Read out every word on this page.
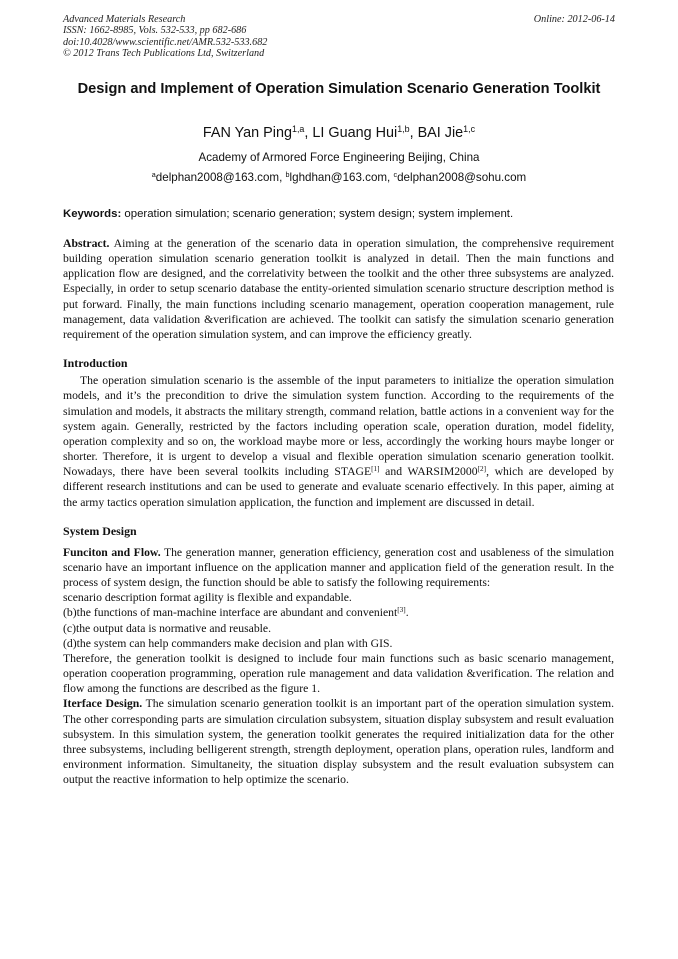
Advanced Materials Research
ISSN: 1662-8985, Vols. 532-533, pp 682-686
doi:10.4028/www.scientific.net/AMR.532-533.682
© 2012 Trans Tech Publications Ltd, Switzerland
Online: 2012-06-14
Design and Implement of Operation Simulation Scenario Generation Toolkit
FAN Yan Ping$^{1,a}$, LI Guang Hui$^{1,b}$, BAI Jie$^{1,c}$
Academy of Armored Force Engineering Beijing, China
$^a$delphan2008@163.com, $^b$lghdhan@163.com, $^c$delphan2008@sohu.com
Keywords: operation simulation; scenario generation; system design; system implement.

Abstract. Aiming at the generation of the scenario data in operation simulation, the comprehensive requirement building operation simulation scenario generation toolkit is analyzed in detail. Then the main functions and application flow are designed, and the correlativity between the toolkit and the other three subsystems are analyzed. Especially, in order to setup scenario database the entity-oriented simulation scenario structure description method is put forward. Finally, the main functions including scenario management, operation cooperation management, rule management, data validation &verification are achieved. The toolkit can satisfy the simulation scenario generation requirement of the operation simulation system, and can improve the efficiency greatly.

Introduction

The operation simulation scenario is the assemble of the input parameters to initialize the operation simulation models, and it’s the precondition to drive the simulation system function. According to the requirements of the simulation and models, it abstracts the military strength, command relation, battle actions in a convenient way for the system again. Generally, restricted by the factors including operation scale, operation duration, model fidelity, operation complexity and so on, the workload maybe more or less, accordingly the working hours maybe longer or shorter. Therefore, it is urgent to develop a visual and flexible operation simulation scenario generation toolkit. Nowadays, there have been several toolkits including STAGE[1] and WARSIM2000[2], which are developed by different research institutions and can be used to generate and evaluate scenario effectively. In this paper, aiming at the army tactics operation simulation application, the function and implement are discussed in detail.

System Design

Funciton and Flow. The generation manner, generation efficiency, generation cost and usableness of the simulation scenario have an important influence on the application manner and application field of the generation result. In the process of system design, the function should be able to satisfy the following requirements:

scenario description format agility is flexible and expandable.

(b)the functions of man-machine interface are abundant and convenient[3].

(c)the output data is normative and reusable.

(d)the system can help commanders make decision and plan with GIS.

Therefore, the generation toolkit is designed to include four main functions such as basic scenario management, operation cooperation programming, operation rule management and data validation &verification. The relation and flow among the functions are described as the figure 1.

Iterface Design. The simulation scenario generation toolkit is an important part of the operation simulation system. The other corresponding parts are simulation circulation subsystem, situation display subsystem and result evaluation subsystem. In this simulation system, the generation toolkit generates the required initialization data for the other three subsystems, including belligerent strength, strength deployment, operation plans, operation rules, landform and environment information. Simultaneity, the situation display subsystem and the result evaluation subsystem can output the reactive information to help optimize the scenario.
